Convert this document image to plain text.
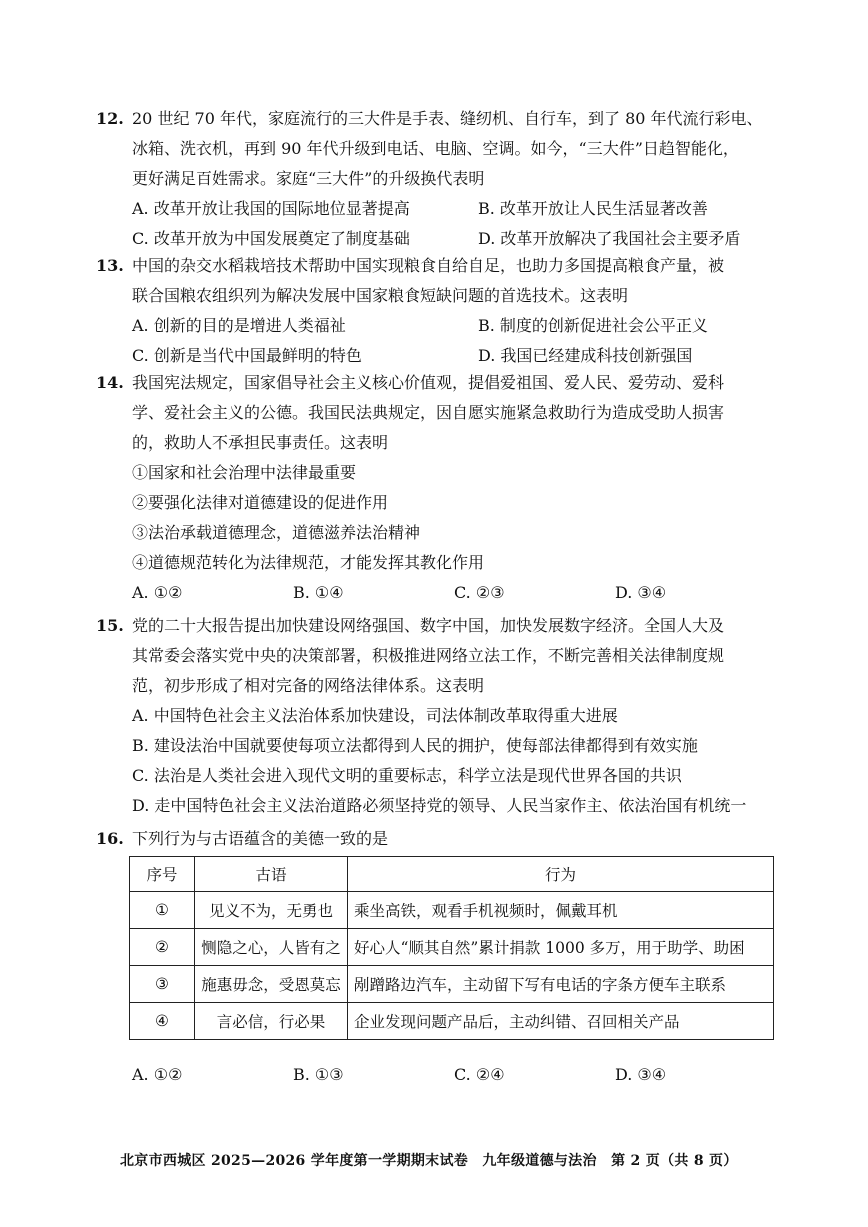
12. 20 世纪 70 年代，家庭流行的三大件是手表、缝纫机、自行车，到了 80 年代流行彩电、
冰箱、洗衣机，再到 90 年代升级到电话、电脑、空调。如今，“三大件”日趋智能化，
更好满足百姓需求。家庭“三大件”的升级换代表明
A. 改革开放让我国的国际地位显著提高	B. 改革开放让人民生活显著改善
C. 改革开放为中国发展奠定了制度基础	D. 改革开放解决了我国社会主要矛盾
13. 中国的杂交水稻栽培技术帮助中国实现粮食自给自足，也助力多国提高粮食产量，被
联合国粮农组织列为解决发展中国家粮食短缺问题的首选技术。这表明
A. 创新的目的是增进人类福祉	B. 制度的创新促进社会公平正义
C. 创新是当代中国最鲜明的特色	D. 我国已经建成科技创新强国
14. 我国宪法规定，国家倡导社会主义核心价值观，提倡爱祖国、爱人民、爱劳动、爱科
学、爱社会主义的公德。我国民法典规定，因自愿实施紧急救助行为造成受助人损害
的，救助人不承担民事责任。这表明
①国家和社会治理中法律最重要
②要强化法律对道德建设的促进作用
③法治承载道德理念，道德滋养法治精神
④道德规范转化为法律规范，才能发挥其教化作用
A. ①②	B. ①④	C. ②③	D. ③④
15. 党的二十大报告提出加快建设网络强国、数字中国，加快发展数字经济。全国人大及
其常委会落实党中央的决策部署，积极推进网络立法工作，不断完善相关法律制度规
范，初步形成了相对完备的网络法律体系。这表明
A. 中国特色社会主义法治体系加快建设，司法体制改革取得重大进展
B. 建设法治中国就要使每项立法都得到人民的拥护，使每部法律都得到有效实施
C. 法治是人类社会进入现代文明的重要标志，科学立法是现代世界各国的共识
D. 走中国特色社会主义法治道路必须坚持党的领导、人民当家作主、依法治国有机统一
16. 下列行为与古语蕴含的美德一致的是
序号	古语	行为
①	见义不为，无勇也	乘坐高铁，观看手机视频时，佩戴耳机
②	恻隐之心，人皆有之	好心人“顺其自然”累计捐款 1000 多万，用于助学、助困
③	施惠毋念，受恩莫忘	剐蹭路边汽车，主动留下写有电话的字条方便车主联系
④	言必信，行必果	企业发现问题产品后，主动纠错、召回相关产品
A. ①②	B. ①③	C. ②④	D. ③④
北京市西城区 2025—2026 学年度第一学期期末试卷　九年级道德与法治　第 2 页（共 8 页）
